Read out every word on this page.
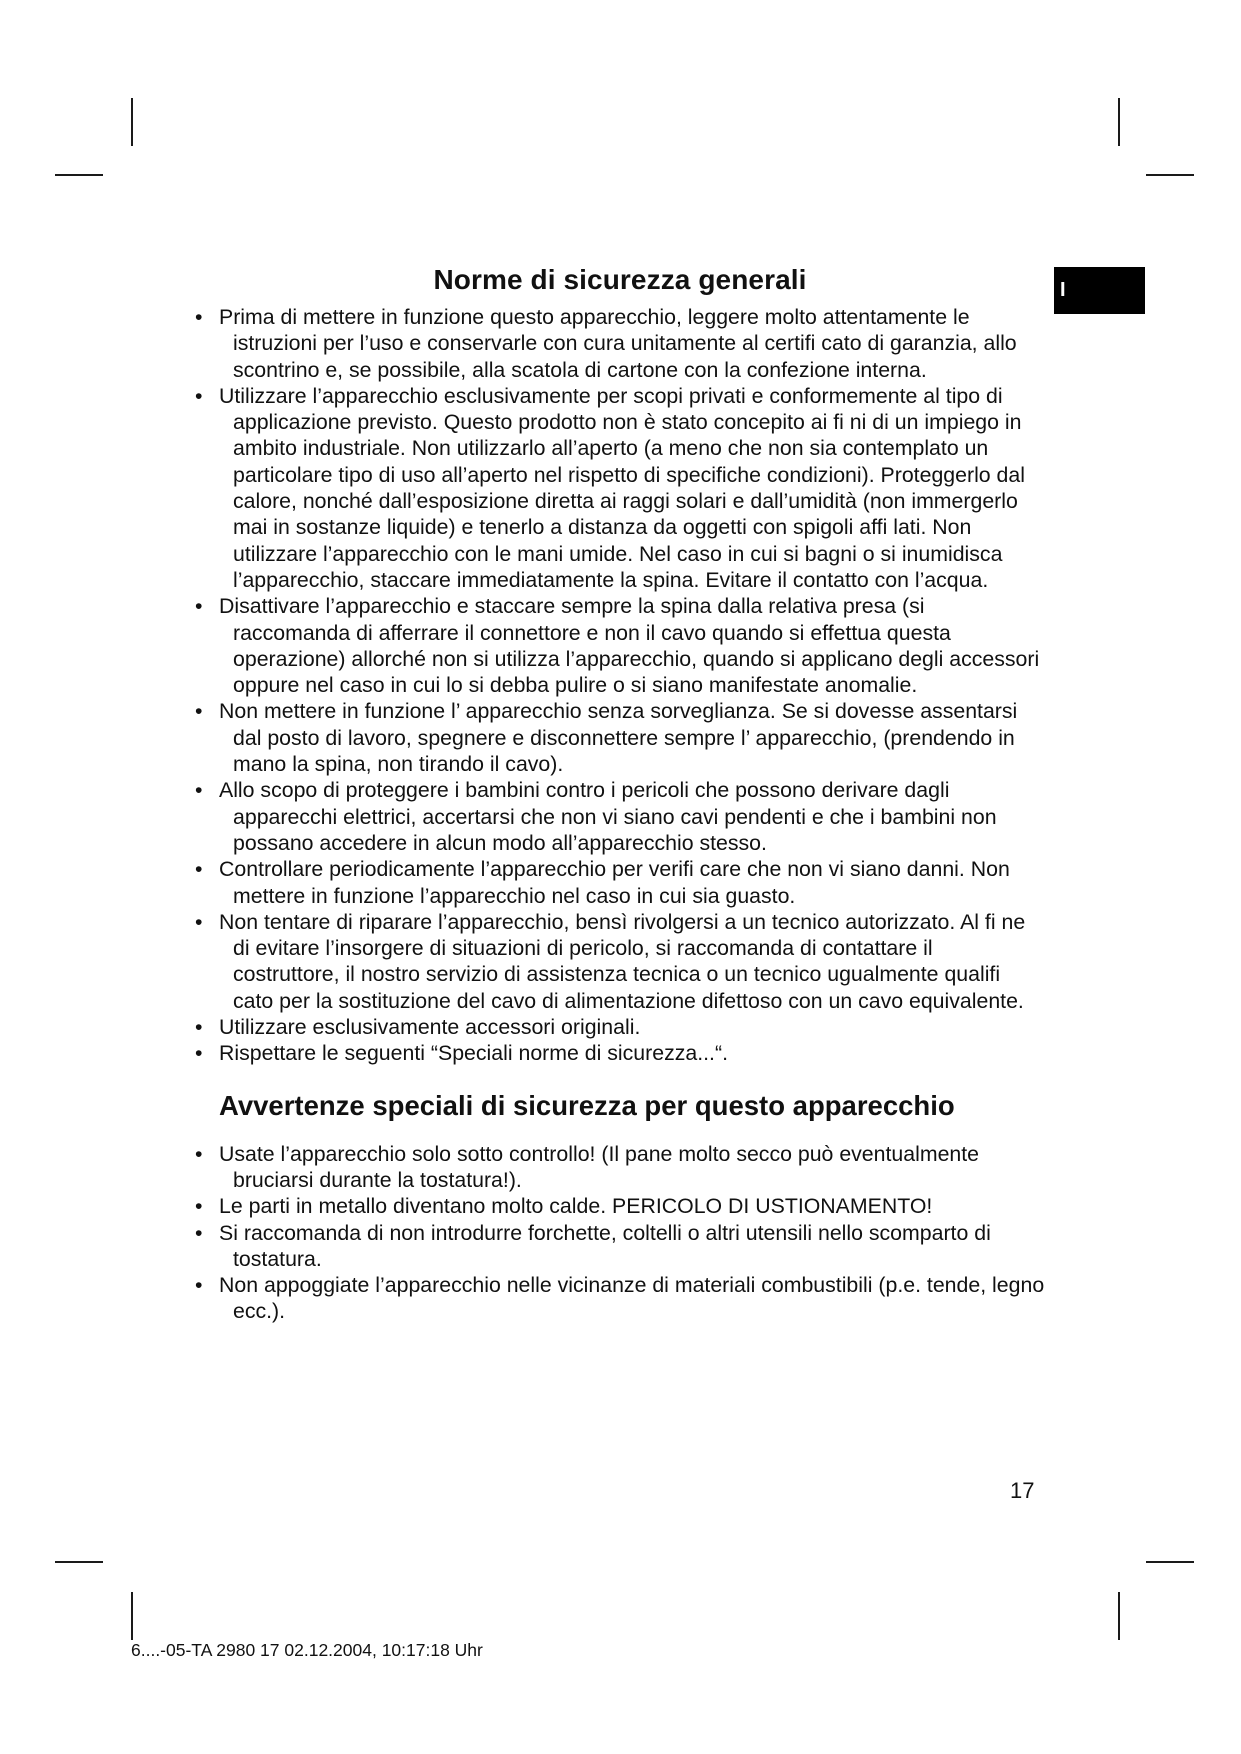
I
Norme di sicurezza generali
• Prima di mettere in funzione questo apparecchio, leggere molto attentamente le istruzioni per l’uso e conservarle con cura unitamente al certifi cato di garanzia, allo scontrino e, se possibile, alla scatola di cartone con la confezione interna.
• Utilizzare l’apparecchio esclusivamente per scopi privati e conformemente al tipo di applicazione previsto. Questo prodotto non è stato concepito ai fi ni di un impiego in ambito industriale. Non utilizzarlo all’aperto (a meno che non sia contemplato un particolare tipo di uso all’aperto nel rispetto di specifiche condizioni). Proteggerlo dal calore, nonché dall’esposizione diretta ai raggi solari e dall’umidità (non immergerlo mai in sostanze liquide) e tenerlo a distanza da oggetti con spigoli affi lati. Non utilizzare l’apparecchio con le mani umide. Nel caso in cui si bagni o si inumidisca l’apparecchio, staccare immediatamente la spina. Evitare il contatto con l’acqua.
• Disattivare l’apparecchio e staccare sempre la spina dalla relativa presa (si raccomanda di afferrare il connettore e non il cavo quando si effettua questa operazione) allorché non si utilizza l’apparecchio, quando si applicano degli accessori oppure nel caso in cui lo si debba pulire o si siano manifestate anomalie.
• Non mettere in funzione l’ apparecchio senza sorveglianza. Se si dovesse assentarsi dal posto di lavoro, spegnere e disconnettere sempre l’ apparecchio, (prendendo in mano la spina, non tirando il cavo).
• Allo scopo di proteggere i bambini contro i pericoli che possono derivare dagli apparecchi elettrici, accertarsi che non vi siano cavi pendenti e che i bambini non possano accedere in alcun modo all’apparecchio stesso.
• Controllare periodicamente l’apparecchio per verifi care che non vi siano danni. Non mettere in funzione l’apparecchio nel caso in cui sia guasto.
• Non tentare di riparare l’apparecchio, bensì rivolgersi a un tecnico autorizzato. Al fi ne di evitare l’insorgere di situazioni di pericolo, si raccomanda di contattare il costruttore, il nostro servizio di assistenza tecnica o un tecnico ugualmente qualifi cato per la sostituzione del cavo di alimentazione difettoso con un cavo equivalente.
• Utilizzare esclusivamente accessori originali.
• Rispettare le seguenti “Speciali norme di sicurezza...“.
Avvertenze speciali di sicurezza per questo apparecchio
• Usate l’apparecchio solo sotto controllo! (Il pane molto secco può eventualmente bruciarsi durante la tostatura!).
• Le parti in metallo diventano molto calde. PERICOLO DI USTIONAMENTO!
• Si raccomanda di non introdurre forchette, coltelli o altri utensili nello scomparto di tostatura.
• Non appoggiate l’apparecchio nelle vicinanze di materiali combustibili (p.e. tende, legno ecc.).
17
6....-05-TA 2980 17 02.12.2004, 10:17:18 Uhr
